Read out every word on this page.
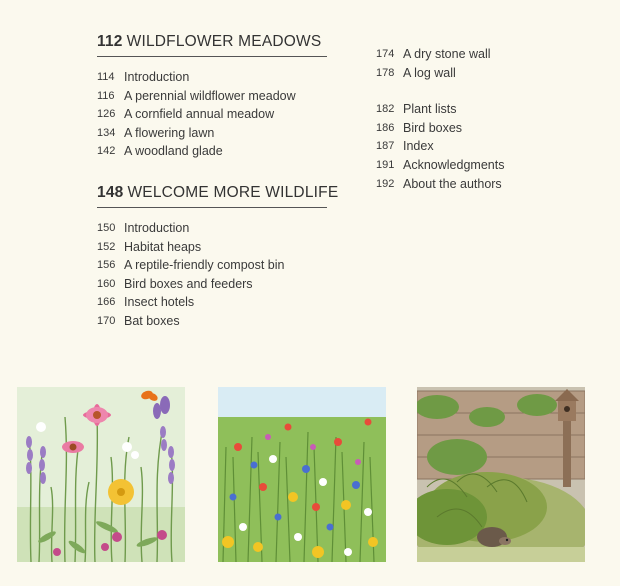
112 WILDFLOWER MEADOWS
114 Introduction
116 A perennial wildflower meadow
126 A cornfield annual meadow
134 A flowering lawn
142 A woodland glade
148 WELCOME MORE WILDLIFE
150 Introduction
152 Habitat heaps
156 A reptile-friendly compost bin
160 Bird boxes and feeders
166 Insect hotels
170 Bat boxes
174 A dry stone wall
178 A log wall
182 Plant lists
186 Bird boxes
187 Index
191 Acknowledgments
192 About the authors
